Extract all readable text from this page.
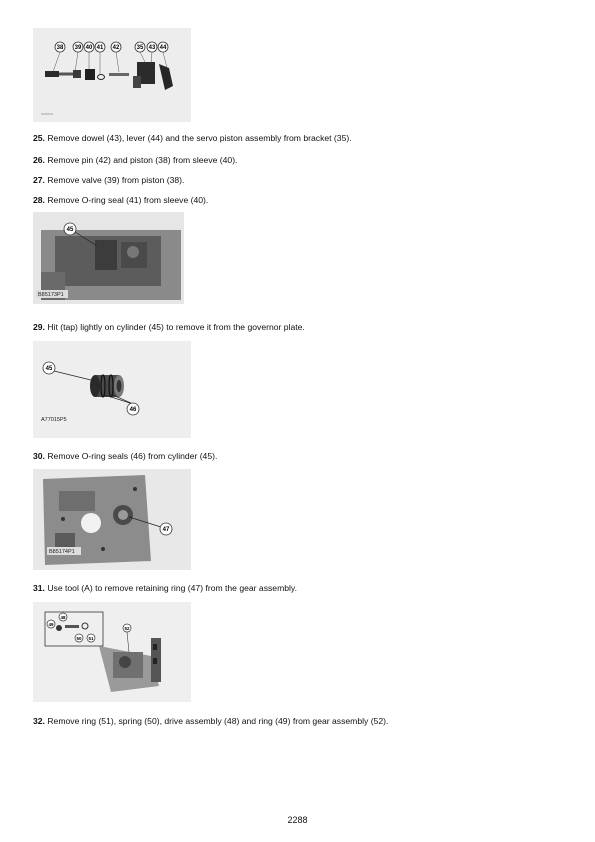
38 39 40 41 42	35 43 44
25. Remove dowel (43), lever (44) and the servo piston assembly from bracket (35).
26. Remove pin (42) and piston (38) from sleeve (40).
27. Remove valve (39) from piston (38).
28. Remove O-ring seal (41) from sleeve (40).
45
B85173P1
29. Hit (tap) lightly on cylinder (45) to remove it from the governor plate.
45
46
A77015P5
30. Remove O-ring seals (46) from cylinder (45).
47
B85174P1
31. Use tool (A) to remove retaining ring (47) from the gear assembly.
49
48
50 51
52
32. Remove ring (51), spring (50), drive assembly (48) and ring (49) from gear assembly (52).
2288
